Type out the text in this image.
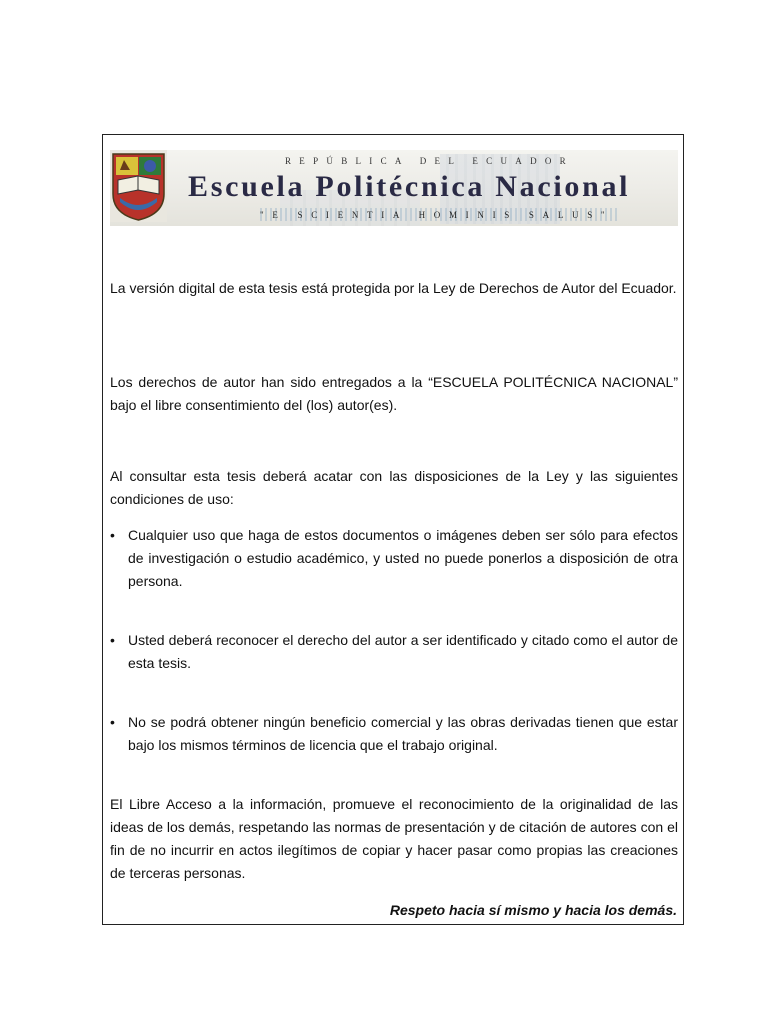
REPÚBLICA DEL ECUADOR
Escuela Politécnica Nacional
"E SCIENTIA HOMINIS SALUS"

La versión digital de esta tesis está protegida por la Ley de Derechos de Autor del Ecuador.

Los derechos de autor han sido entregados a la “ESCUELA POLITÉCNICA NACIONAL” bajo el libre consentimiento del (los) autor(es).

Al consultar esta tesis deberá acatar con las disposiciones de la Ley y las siguientes condiciones de uso:

• Cualquier uso que haga de estos documentos o imágenes deben ser sólo para efectos de investigación o estudio académico, y usted no puede ponerlos a disposición de otra persona.

• Usted deberá reconocer el derecho del autor a ser identificado y citado como el autor de esta tesis.

• No se podrá obtener ningún beneficio comercial y las obras derivadas tienen que estar bajo los mismos términos de licencia que el trabajo original.

El Libre Acceso a la información, promueve el reconocimiento de la originalidad de las ideas de los demás, respetando las normas de presentación y de citación de autores con el fin de no incurrir en actos ilegítimos de copiar y hacer pasar como propias las creaciones de terceras personas.

Respeto hacia sí mismo y hacia los demás.
